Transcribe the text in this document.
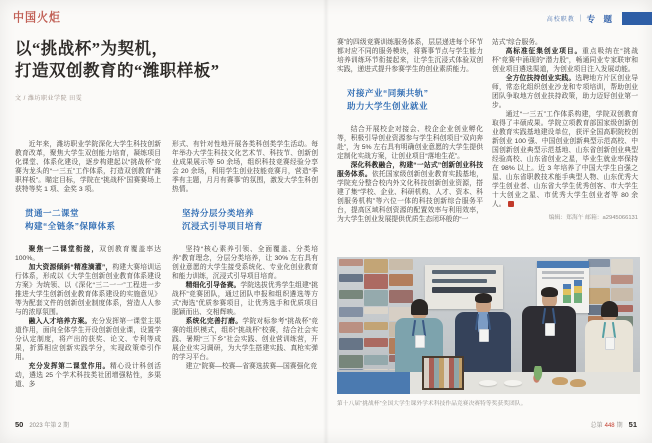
中国火炬	高校职教 | 专 题
以“挑战杯”为契机，
打造双创教育的“潍职样板”
文 / 潍坊职业学院 田雯

近年来，潍坊职业学院深化大学生科技创新教育改革，聚焦大学生双创能力培育，凝练项目化课堂、体系化建设，逐步构建起以“挑战杯”竞赛为龙头的“一三五”工作体系，打造双创教育“潍职样板”。瞄定目标，学院在“挑战杯”国赛赛场上获特等奖 1 项、金奖 3 项。

贯通一二课堂
构建“全链条”保障体系

聚焦一二课堂衔接，双创教育覆盖率达 100%。

加大资源倾斜“精准滴灌”，构建大赛培训运行体系，形成以《大学生创新创业教育体系建设方案》为统领、以《深化“三二一一”工程进一步推进大学生创新创业教育体系建设的实施意见》等为配套文件的创新创业制度体系，营造人人参与的浓厚氛围。

融入人才培养方案。充分发挥第一课堂主渠道作用，面向全体学生开设创新创业课，设置学分认定制度，将产出的获奖、论文、专利等成果，折算相应创新实践学分，实现政策牵引作用。

充分发挥第二课堂作用。精心设计科创活动，遴选 25 个学术科技类社团增强粘性，多渠道、多

形式、有针对性地开展各类科创类学生活动。每年举办大学生科技文化艺术节、科技节、创新创业成果展示等 50 余场，组织科技竞赛经验分享会 20 余场，利用学生创业技能竞赛月，营造“季季有主题，月月有赛事”的氛围，激发大学生科创热情。

坚持分层分类培养
沉浸式引导项目培育

坚持“核心素养引领、全面覆盖、分类培养”教育理念，分层分类培养，让 30% 左右具有创业意愿的大学生接受系统化、专业化创业教育和能力训练，沉浸式引导项目培育。

精细化引导备赛。学院选拔优秀学生组建“挑战杯”竞赛团队，通过团队申报和组织遴选等方式“海选”优质参赛项目，让优秀选手和优质项目脱颖而出、交相辉映。

系统化完善打磨。学院对标参考“挑战杯”竞赛的组织模式，组织“挑战杯”校赛，结合社会实践、暑期“三下乡”社会实践、创业营训练营，开展企业实习调研，为大学生搭建实践、真枪实弹的学习平台。

建立“院赛—校赛—省赛选拔赛—国赛强化竞

赛”的四级竞赛训练服务体系，层层递进每个环节都对应不同的服务模块，将赛事节点与学生能力培养训练环节衔接起来，让学生沉浸式体验双创实践，递进式提升参赛学生的创业素质能力。

对接产业“同频共轨”
助力大学生创业就业

结合开展校企对接会、校企企业创业孵化等，积极引导创业资源参与学生科创项目“双向奔赴”，为 5% 左右具有明确创业意愿的大学生提供定制化实战方案，让创业项目“落地生花”。

深化科教融合，构建“一站式”创新创业科技服务体系。依托国家级创新创业教育实践基地，学院充分整合校内外文化科技创新创业资源，搭建了集“学校、企业、科研机构、人才、资本、科创服务机构”等六位一体的科技创新综合服务平台，提高区域科创资源的配置效率与利用效率，为大学生创业发展提供优质生态闭环般的“一

站式”综合服务。

高标准征集创业项目。重点吸纳在“挑战杯”竞赛中涌现的“潜力股”，畅通同业专家联审和创业项目遴选渠道，为创业项目注入发展动能。

全方位扶持创业实践。选聘地方片区创业导师，常态化组织创业沙龙和专项培训，帮助创业团队争取地方创业扶持政策，助力迈好创业第一步。

通过“一三五”工作体系构建，学院双创教育取得了丰硕成果。学院立项教育部国家级创新创业教育实践基地建设单位，获评全国高职院校创新创业 100 强、中国创业创新典型示范高校、中国创新创业典型示范基地、山东省创新创业典型经验高校、山东省创业之星，毕业生就业率保持在 98% 以上。近 3 年培养了中国大学生自强之星、山东省职教技术能手典型人物、山东优秀大学生创业者、山东省大学生优秀创客、市大学生十大创业之星、市优秀大学生创业者等 80 余人。

编辑：郑海午 邮箱：a2945066131
第十八届“挑战杯”全国大学生课外学术科技作品竞赛决赛特等奖获奖团队。
50 2023 年第 2 期	总第 448 期 51
